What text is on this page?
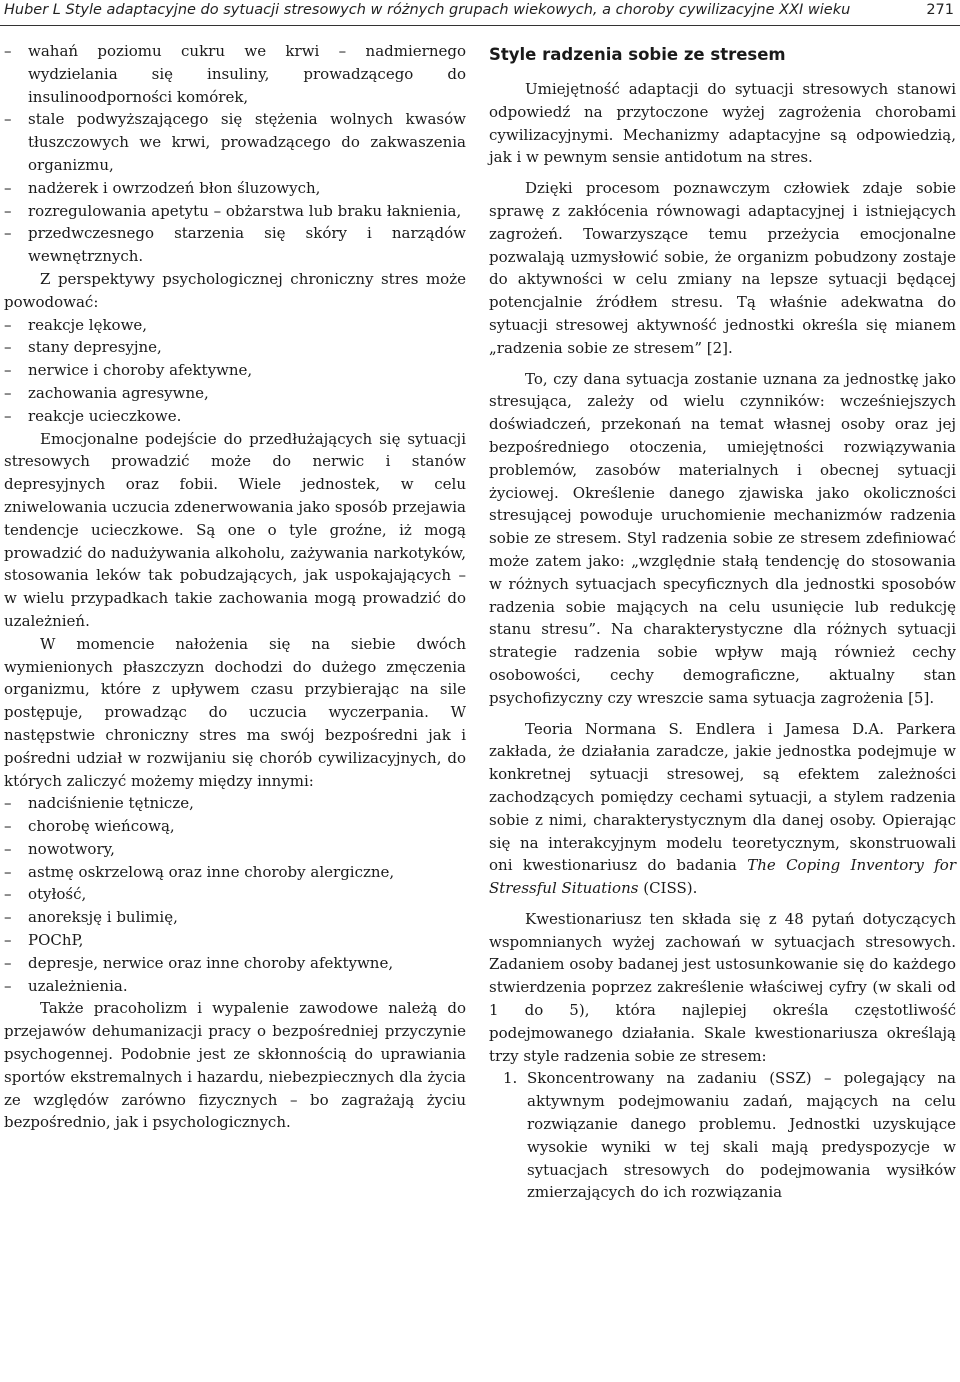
Huber L Style adaptacyjne do sytuacji stresowych w różnych grupach wiekowych, a choroby cywilizacyjne XXI wieku	271
– wahań poziomu cukru we krwi – nadmiernego wydzielania się insuliny, prowadzącego do insulinoodporności komórek,
– stale podwyższającego się stężenia wolnych kwasów tłuszczowych we krwi, prowadzącego do zakwaszenia organizmu,
– nadżerek i owrzodzeń błon śluzowych,
– rozregulowania apetytu – obżarstwa lub braku łaknienia,
– przedwczesnego starzenia się skóry i narządów wewnętrznych.

Z perspektywy psychologicznej chroniczny stres może powodować:

– reakcje lękowe,
– stany depresyjne,
– nerwice i choroby afektywne,
– zachowania agresywne,
– reakcje ucieczkowe.

Emocjonalne podejście do przedłużających się sytuacji stresowych prowadzić może do nerwic i stanów depresyjnych oraz fobii. Wiele jednostek, w celu zniwelowania uczucia zdenerwowania jako sposób przejawia tendencje ucieczkowe. Są one o tyle groźne, iż mogą prowadzić do nadużywania alkoholu, zażywania narkotyków, stosowania leków tak pobudzających, jak uspokajających – w wielu przypadkach takie zachowania mogą prowadzić do uzależnień.

W momencie nałożenia się na siebie dwóch wymienionych płaszczyzn dochodzi do dużego zmęczenia organizmu, które z upływem czasu przybierając na sile postępuje, prowadząc do uczucia wyczerpania. W następstwie chroniczny stres ma swój bezpośredni jak i pośredni udział w rozwijaniu się chorób cywilizacyjnych, do których zaliczyć możemy między innymi:

– nadciśnienie tętnicze,
– chorobę wieńcową,
– nowotwory,
– astmę oskrzelową oraz inne choroby alergiczne,
– otyłość,
– anoreksję i bulimię,
– POChP,
– depresje, nerwice oraz inne choroby afektywne,
– uzależnienia.

Także pracoholizm i wypalenie zawodowe należą do przejawów dehumanizacji pracy o bezpośredniej przyczynie psychogennej. Podobnie jest ze skłonnością do uprawiania sportów ekstremalnych i hazardu, niebezpiecznych dla życia ze względów zarówno fizycznych – bo zagrażają życiu bezpośrednio, jak i psychologicznych.

Style radzenia sobie ze stresem

Umiejętność adaptacji do sytuacji stresowych stanowi odpowiedź na przytoczone wyżej zagrożenia chorobami cywilizacyjnymi. Mechanizmy adaptacyjne są odpowiedzią, jak i w pewnym sensie antidotum na stres.

Dzięki procesom poznawczym człowiek zdaje sobie sprawę z zakłócenia równowagi adaptacyjnej i istniejących zagrożeń. Towarzyszące temu przeżycia emocjonalne pozwalają uzmysłowić sobie, że organizm pobudzony zostaje do aktywności w celu zmiany na lepsze sytuacji będącej potencjalnie źródłem stresu. Tą właśnie adekwatna do sytuacji stresowej aktywność jednostki określa się mianem „radzenia sobie ze stresem” [2].

To, czy dana sytuacja zostanie uznana za jednostkę jako stresująca, zależy od wielu czynników: wcześniejszych doświadczeń, przekonań na temat własnej osoby oraz jej bezpośredniego otoczenia, umiejętności rozwiązywania problemów, zasobów materialnych i obecnej sytuacji życiowej. Określenie danego zjawiska jako okoliczności stresującej powoduje uruchomienie mechanizmów radzenia sobie ze stresem. Styl radzenia sobie ze stresem zdefiniować może zatem jako: „względnie stałą tendencję do stosowania w różnych sytuacjach specyficznych dla jednostki sposobów radzenia sobie mających na celu usunięcie lub redukcję stanu stresu”. Na charakterystyczne dla różnych sytuacji strategie radzenia sobie wpływ mają również cechy osobowości, cechy demograficzne, aktualny stan psychofizyczny czy wreszcie sama sytuacja zagrożenia [5].

Teoria Normana S. Endlera i Jamesa D.A. Parkera zakłada, że działania zaradcze, jakie jednostka podejmuje w konkretnej sytuacji stresowej, są efektem zależności zachodzących pomiędzy cechami sytuacji, a stylem radzenia sobie z nimi, charakterystycznym dla danej osoby. Opierając się na interakcyjnym modelu teoretycznym, skonstruowali oni kwestionariusz do badania The Coping Inventory for Stressful Situations (CISS).

Kwestionariusz ten składa się z 48 pytań dotyczących wspomnianych wyżej zachowań w sytuacjach stresowych. Zadaniem osoby badanej jest ustosunkowanie się do każdego stwierdzenia poprzez zakreślenie właściwej cyfry (w skali od 1 do 5), która najlepiej określa częstotliwość podejmowanego działania. Skale kwestionariusza określają trzy style radzenia sobie ze stresem:

1. Skoncentrowany na zadaniu (SSZ) – polegający na aktywnym podejmowaniu zadań, mających na celu rozwiązanie danego problemu. Jednostki uzyskujące wysokie wyniki w tej skali mają predyspozycje w sytuacjach stresowych do podejmowania wysiłków zmierzających do ich rozwiązania
